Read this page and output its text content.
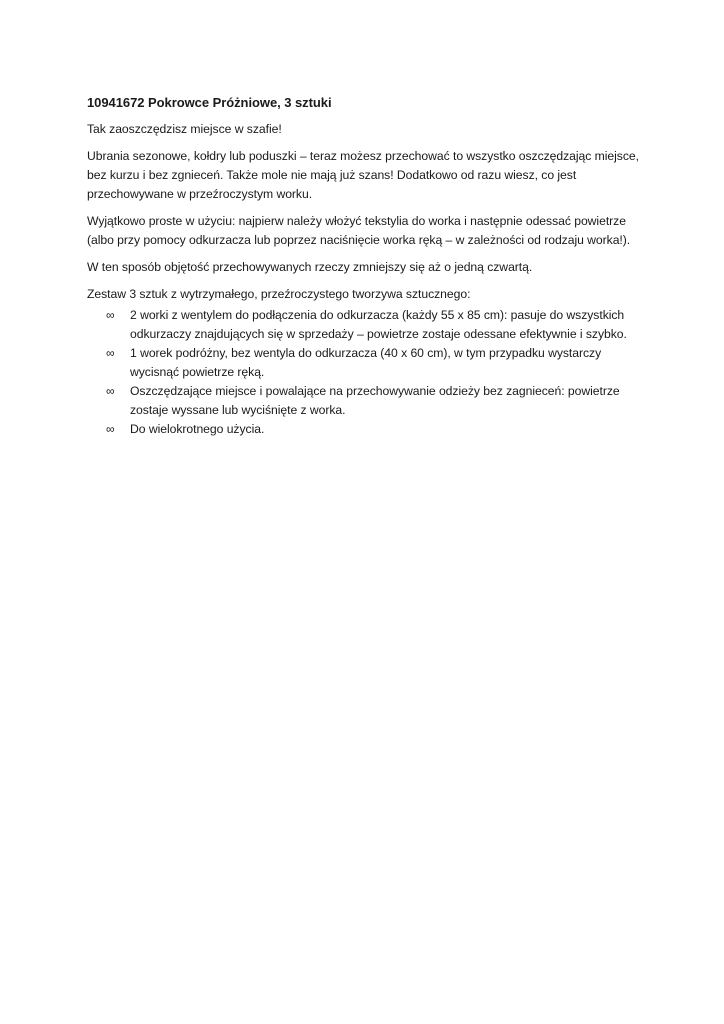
10941672 Pokrowce Próżniowe, 3 sztuki
Tak zaoszczędzisz miejsce w szafie!
Ubrania sezonowe, kołdry lub poduszki – teraz możesz przechować to wszystko oszczędzając miejsce, bez kurzu i bez zgnieceń. Także mole nie mają już szans! Dodatkowo od razu wiesz, co jest przechowywane w przeźroczystym worku.
Wyjątkowo proste w użyciu: najpierw należy włożyć tekstylia do worka i następnie odessać powietrze (albo przy pomocy odkurzacza lub poprzez naciśnięcie worka ręką – w zależności od rodzaju worka!).
W ten sposób objętość przechowywanych rzeczy zmniejszy się aż o jedną czwartą.
Zestaw 3 sztuk z wytrzymałego, przeźroczystego tworzywa sztucznego:
∞ 2 worki z wentylem do podłączenia do odkurzacza (każdy 55 x 85 cm): pasuje do wszystkich odkurzaczy znajdujących się w sprzedaży – powietrze zostaje odessane efektywnie i szybko.
∞ 1 worek podróżny, bez wentyla do odkurzacza (40 x 60 cm), w tym przypadku wystarczy wycisnąć powietrze ręką.
∞ Oszczędzające miejsce i powalające na przechowywanie odzieży bez zagnieceń: powietrze zostaje wyssane lub wyciśnięte z worka.
∞ Do wielokrotnego użycia.
